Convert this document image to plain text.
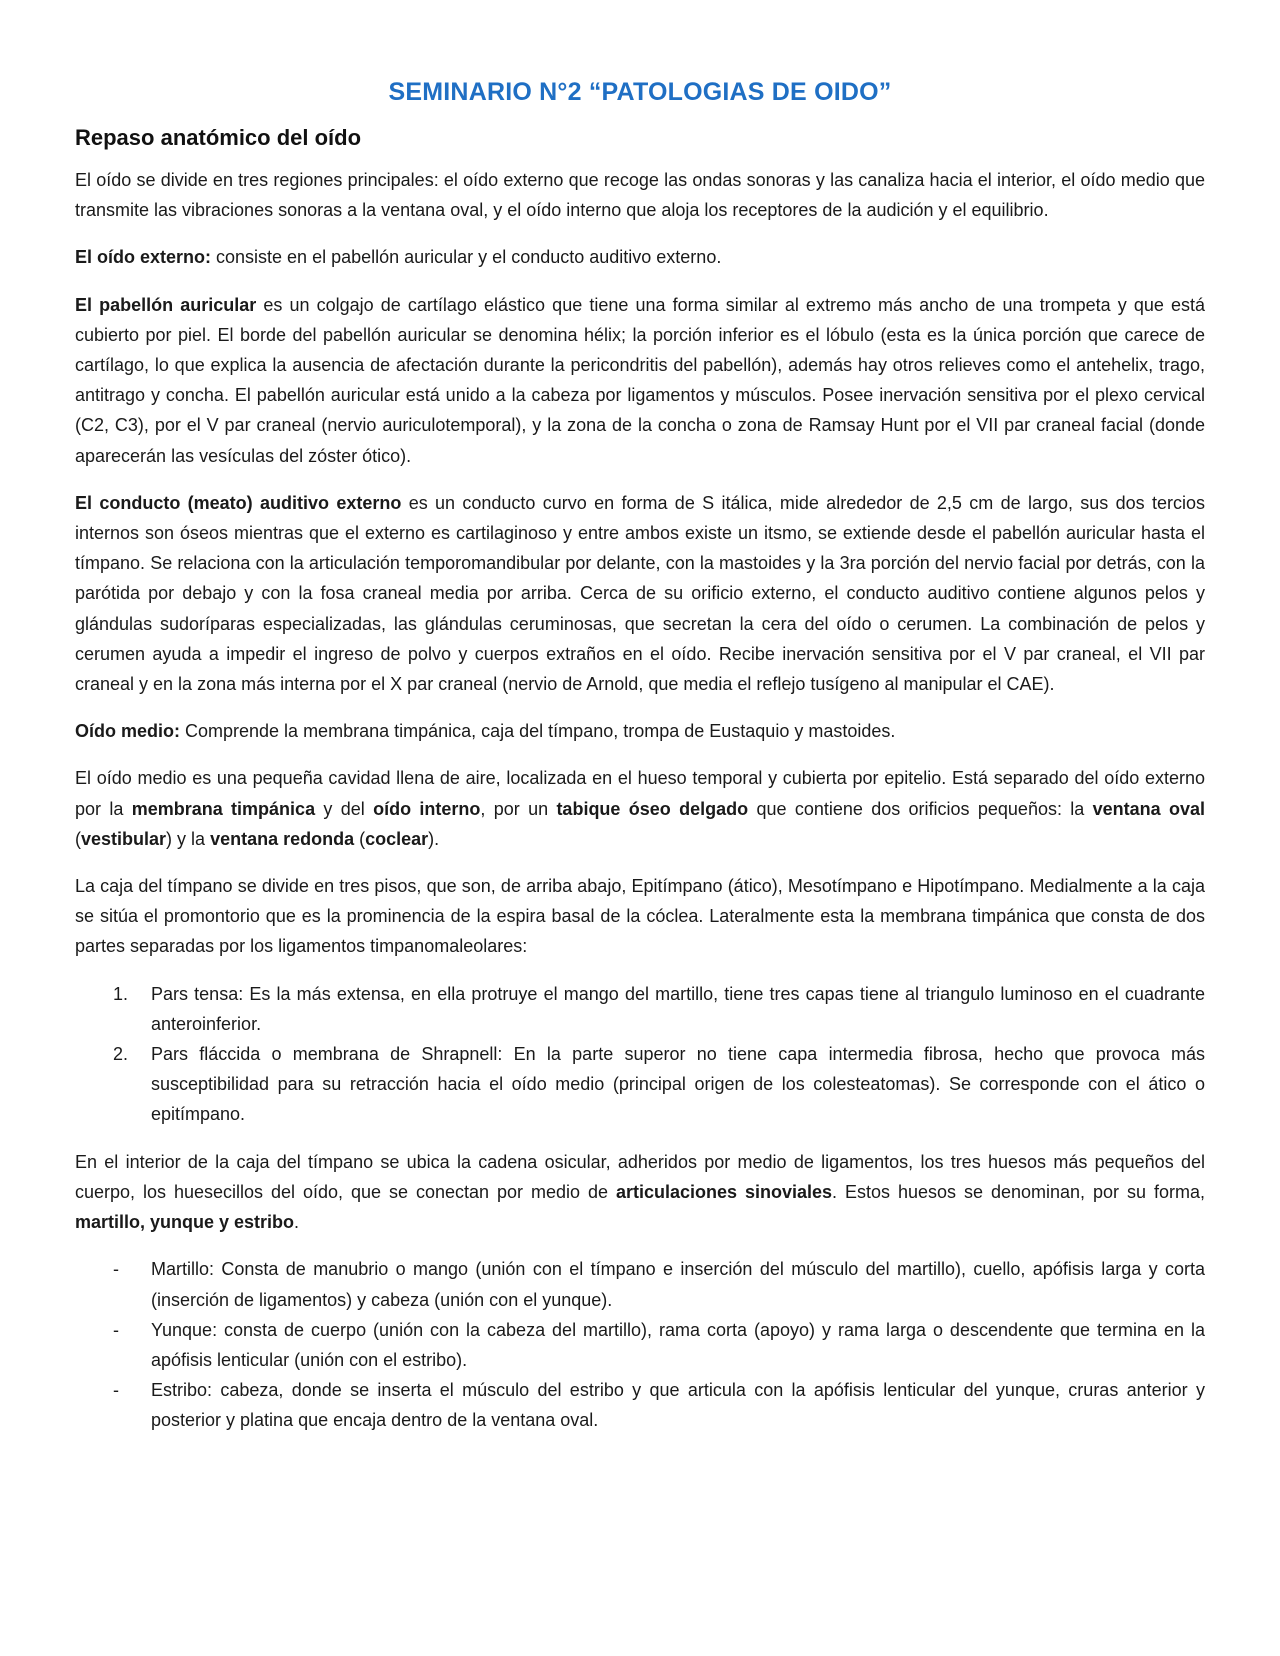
SEMINARIO N°2 “PATOLOGIAS DE OIDO”
Repaso anatómico del oído

El oído se divide en tres regiones principales: el oído externo que recoge las ondas sonoras y las canaliza hacia el interior, el oído medio que transmite las vibraciones sonoras a la ventana oval, y el oído interno que aloja los receptores de la audición y el equilibrio.

El oído externo: consiste en el pabellón auricular y el conducto auditivo externo.

El pabellón auricular es un colgajo de cartílago elástico que tiene una forma similar al extremo más ancho de una trompeta y que está cubierto por piel. El borde del pabellón auricular se denomina hélix; la porción inferior es el lóbulo (esta es la única porción que carece de cartílago, lo que explica la ausencia de afectación durante la pericondritis del pabellón), además hay otros relieves como el antehelix, trago, antitrago y concha. El pabellón auricular está unido a la cabeza por ligamentos y músculos. Posee inervación sensitiva por el plexo cervical (C2, C3), por el V par craneal (nervio auriculotemporal), y la zona de la concha o zona de Ramsay Hunt por el VII par craneal facial (donde aparecerán las vesículas del zóster ótico).

El conducto (meato) auditivo externo es un conducto curvo en forma de S itálica, mide alrededor de 2,5 cm de largo, sus dos tercios internos son óseos mientras que el externo es cartilaginoso y entre ambos existe un itsmo, se extiende desde el pabellón auricular hasta el tímpano. Se relaciona con la articulación temporomandibular por delante, con la mastoides y la 3ra porción del nervio facial por detrás, con la parótida por debajo y con la fosa craneal media por arriba. Cerca de su orificio externo, el conducto auditivo contiene algunos pelos y glándulas sudoríparas especializadas, las glándulas ceruminosas, que secretan la cera del oído o cerumen. La combinación de pelos y cerumen ayuda a impedir el ingreso de polvo y cuerpos extraños en el oído. Recibe inervación sensitiva por el V par craneal, el VII par craneal y en la zona más interna por el X par craneal (nervio de Arnold, que media el reflejo tusígeno al manipular el CAE).

Oído medio: Comprende la membrana timpánica, caja del tímpano, trompa de Eustaquio y mastoides.

El oído medio es una pequeña cavidad llena de aire, localizada en el hueso temporal y cubierta por epitelio. Está separado del oído externo por la membrana timpánica y del oído interno, por un tabique óseo delgado que contiene dos orificios pequeños: la ventana oval (vestibular) y la ventana redonda (coclear).

La caja del tímpano se divide en tres pisos, que son, de arriba abajo, Epitímpano (ático), Mesotímpano e Hipotímpano. Medialmente a la caja se sitúa el promontorio que es la prominencia de la espira basal de la cóclea. Lateralmente esta la membrana timpánica que consta de dos partes separadas por los ligamentos timpanomaleolares:

1. Pars tensa: Es la más extensa, en ella protruye el mango del martillo, tiene tres capas tiene al triangulo luminoso en el cuadrante anteroinferior.
2. Pars fláccida o membrana de Shrapnell: En la parte superor no tiene capa intermedia fibrosa, hecho que provoca más susceptibilidad para su retracción hacia el oído medio (principal origen de los colesteatomas). Se corresponde con el ático o epitímpano.

En el interior de la caja del tímpano se ubica la cadena osicular, adheridos por medio de ligamentos, los tres huesos más pequeños del cuerpo, los huesecillos del oído, que se conectan por medio de articulaciones sinoviales. Estos huesos se denominan, por su forma, martillo, yunque y estribo.

- Martillo: Consta de manubrio o mango (unión con el tímpano e inserción del músculo del martillo), cuello, apófisis larga y corta (inserción de ligamentos) y cabeza (unión con el yunque).
- Yunque: consta de cuerpo (unión con la cabeza del martillo), rama corta (apoyo) y rama larga o descendente que termina en la apófisis lenticular (unión con el estribo).
- Estribo: cabeza, donde se inserta el músculo del estribo y que articula con la apófisis lenticular del yunque, cruras anterior y posterior y platina que encaja dentro de la ventana oval.
